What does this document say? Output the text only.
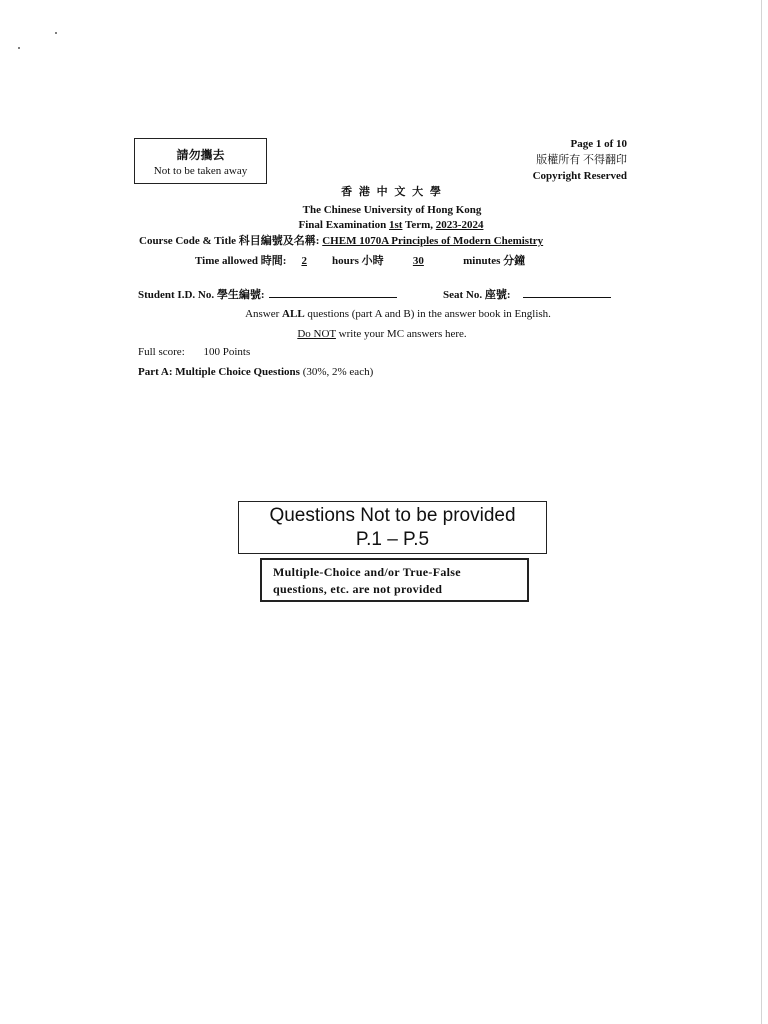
請勿攜去
Not to be taken away
Page 1 of 10
版權所有 不得翻印
Copyright Reserved
香 港 中 文 大 學
The Chinese University of Hong Kong
Final Examination 1st Term, 2023-2024
Course Code & Title 科目編號及名稱: CHEM 1070A Principles of Modern Chemistry
Time allowed 時間: 2 hours 小時	30	minutes 分鐘
Student I.D. No. 學生編號:	Seat No. 座號:
Answer ALL questions (part A and B) in the answer book in English.
Do NOT write your MC answers here.
Full score: 100 Points
Part A: Multiple Choice Questions (30%, 2% each)
Questions Not to be provided
P.1 – P.5
Multiple-Choice and/or True-False
questions, etc. are not provided
